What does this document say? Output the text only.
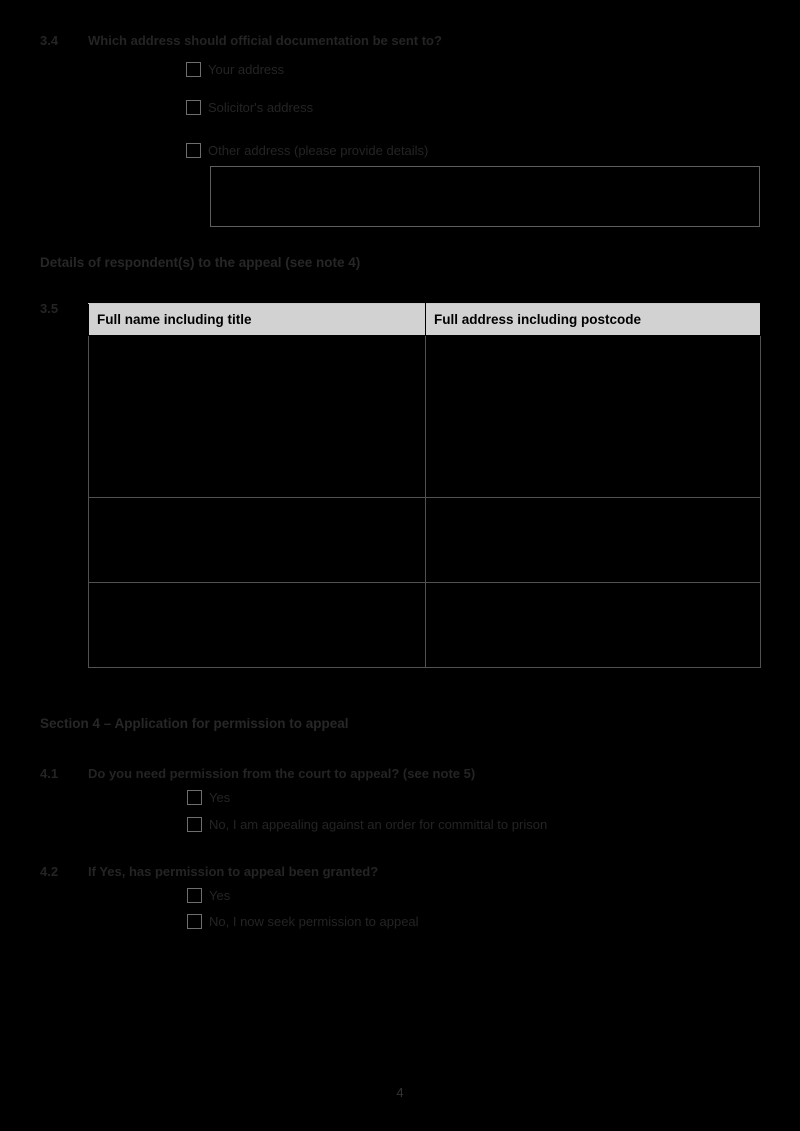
3.4 Which address should official documentation be sent to?
Your address
Solicitor's address
Other address (please provide details)
Details of respondent(s) to the appeal (see note 4)
3.5
Full name including title	Full address including postcode

Section 4 – Application for permission to appeal
4.1 Do you need permission from the court to appeal? (see note 5)
Yes
No, I am appealing against an order for committal to prison
4.2 If Yes, has permission to appeal been granted?
Yes
No, I now seek permission to appeal
4
